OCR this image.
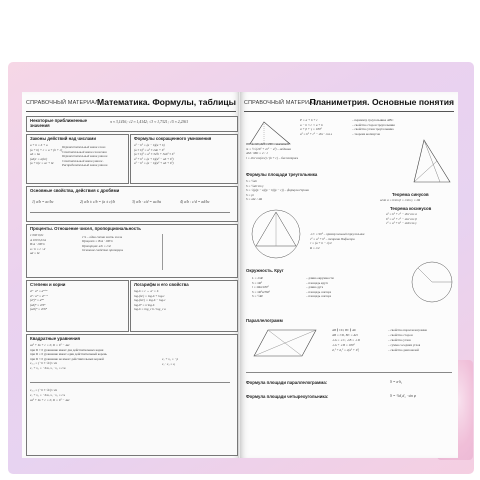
СПРАВОЧНЫЙ МАТЕРИАЛ
Математика. Формулы, таблицы
Некоторые приближенные значения
π ≈ 3,1416; √2 ≈ 1,4142; √3 ≈ 1,7321; √5 ≈ 2,2361
Законы действий над числами
a + b = b + a
(a + b) + c = a + (b + c)
ab = ba
(ab)c = a(bc)
(a + b)c = ac + bc
Переместительный закон слож.
Сочетательный закон сложения
Переместительный закон умнож.
Сочетательный закон умнож.
Распределительный закон умнож.
Формулы сокращенного умножения
a² − b² = (a − b)(a + b)
(a ± b)² = a² ± 2ab + b²
(a ± b)³ = a³ ± 3a²b + 3ab² ± b³
a³ + b³ = (a + b)(a² − ab + b²)
a³ − b³ = (a − b)(a² + ab + b²)
Основные свойства, действия с дробями
1) a/b = ac/bc	2) a/b ± c/b = (a ± c)/b	3) a/b · c/d = ac/bd	4) a/b : c/d = ad/bc
Проценты. Отношение чисел, пропорциональность
1 000 0,01
A 100 0,01A
B:A · 100%
a : b = c : d
ad = bc
1% – одна сотая часть числа
Процент = B/A · 100%
Пропорция: a/b = c/d
Основное свойство пропорции
Степени и корни
aⁿ · aᵐ = aⁿ⁺ᵐ
aⁿ : aᵐ = aⁿ⁻ᵐ
(aⁿ)ᵐ = aⁿᵐ
(ab)ⁿ = aⁿbⁿ
(a/b)ⁿ = aⁿ/bⁿ
Логарифм и его свойства
logₐb = c ⇔ aᶜ = b
logₐ(bc) = logₐb + logₐc
logₐ(b/c) = logₐb − logₐc
logₐbⁿ = n·logₐb
logₐb = log_c b / log_c a
Квадратные уравнения
ax² + bx + c = 0, D = b² − 4ac
при D > 0 уравнение имеет два действительных корня
при D = 0 уравнение имеет один действительный корень
при D < 0 уравнение не имеет действительных корней
x₁,₂ = (−b ± √D) / 2a
x₁ + x₂ = −b/a, x₁ · x₂ = c/a
x₁ + x₂ = −p
x₁ · x₂ = q
x₁,₂ = (−b ± √D) / 2a
x₁ + x₂ = −b/a, x₁ · x₂ = c/a
ax² + bx + c = 0, D = b² − 4ac
СПРАВОЧНЫЙ МАТЕРИАЛ
Планиметрия. Основные понятия
P = a + b + c
a − b < c < a + b
α + β + γ = 180°
a² = b² + c² − 2bc · cos α
– периметр треугольника ABC
– свойство сторон треугольника
– свойство углов треугольника
– теорема косинусов
BH ⊥ AC, AH = HC – высота h
m = ½√(2b² + 2c² − a²) – медиана
AM : MD = 2 : 1
l = 2bc·cos(α/2) / (b + c) – биссектриса
Формулы площади треугольника
S = ½ah
S = ½ab·sin γ
S = √(p(p − a)(p − b)(p − c)) – формула Герона
S = pr
S = abc / 4R
Теорема синусов
a/sin α = b/sin β = c/sin γ = 2R
Теорема косинусов
a² = b² + c² − 2bc·cos α
b² = a² + c² − 2ac·cos β
c² = a² + b² − 2ab·cos γ
∠C = 90° – прямоугольный треугольник
c² = a² + b² – теорема Пифагора
r = (a + b − c)/2
R = c/2
Окружность. Круг
L = 2πR
S = πR²
l = πRα/180°
S = πR²α/360°
S = ½Rl
– длина окружности
– площадь круга
– длина дуги
– площадь сектора
– площадь сектора
Параллелограмм
AB ∥ CD, BC ∥ AD
AB = CD, BC = AD
∠A = ∠C, ∠B = ∠D
∠A + ∠B = 180°
d₁² + d₂² = 2(a² + b²)
– свойство параллелограмма
– свойство сторон
– свойство углов
– сумма соседних углов
– свойство диагоналей
Формула площади параллелограмма:	S = a·hₐ
Формула площади четырехугольника:	S = ½d₁d₂ · sin φ
